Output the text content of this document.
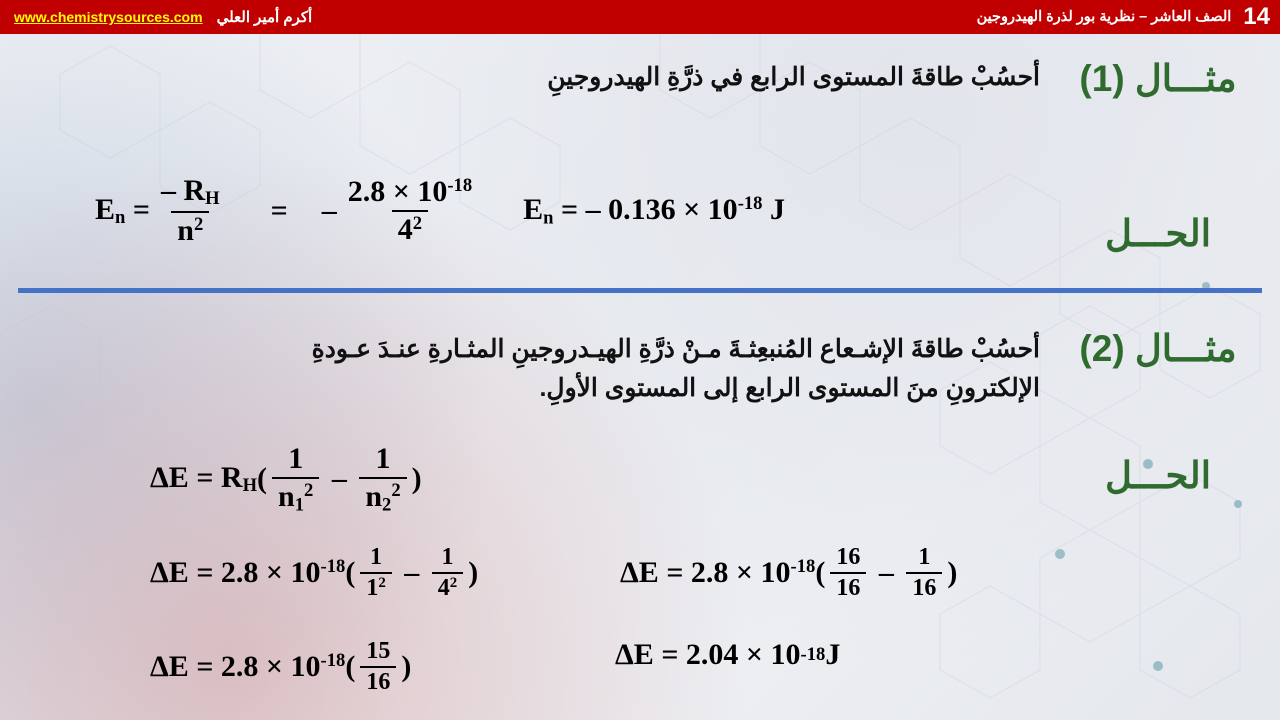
www.chemistrysources.com أكرم أمير العلي	14
الصف العاشر – نظرية بور لذرة الهيدروجين
مثـــال (1)
أحسُبْ طاقةَ المستوى الرابع في ذرَّةِ الهيدروجينِ
الحـــل
$E_n = \frac{- R_H}{n^2}$ = – $\frac{2.8 \times 10^{-18}}{4^2} E_n$ = – $0.136 \times 10^{-18}$ J
مثـــال (2)
أحسُبْ طاقةَ الإشـعاع المُنبعِثـةَ مـنْ ذرَّةِ الهيـدروجينِ المثـارةِ عنـدَ عـودةِ الإلكترونِ منَ المستوى الرابع إلى المستوى الأولِ.
الحـــل
$\Delta E = R_H$ ( $\frac{1}{n_1^2} - \frac{1}{n_2^2}$ )
$\Delta E = 2.8 \times 10^{-18}$ ( $\frac{1}{1^2} - \frac{1}{4^2}$ )	$\Delta E = 2.8 \times 10^{-18}$ ( $\frac{16}{16} - \frac{1}{16}$ )
$\Delta E = 2.8 \times 10^{-18}$ ( $\frac{15}{16}$ )	ΔE = 2.04 × 10 -18 J
